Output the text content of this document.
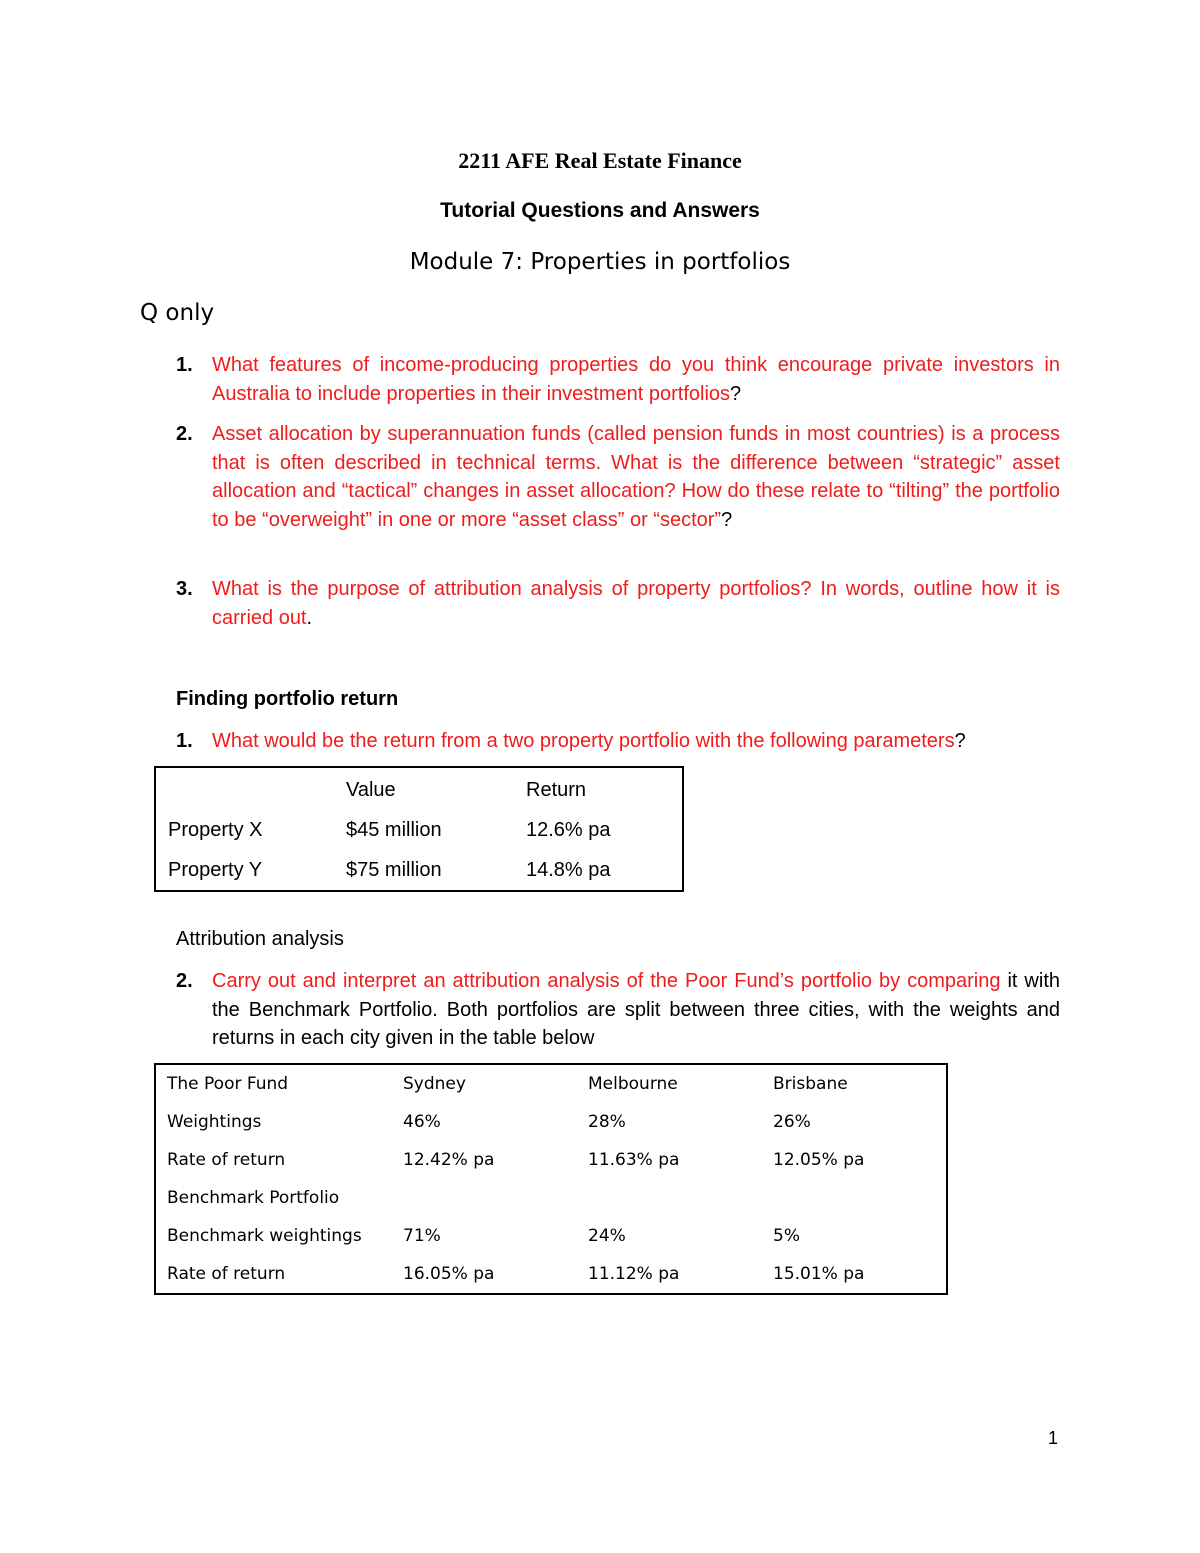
2211 AFE Real Estate Finance
Tutorial Questions and Answers
Module 7: Properties in portfolios
Q only
1. What features of income-producing properties do you think encourage private investors in Australia to include properties in their investment portfolios?
2. Asset allocation by superannuation funds (called pension funds in most countries) is a process that is often described in technical terms. What is the difference between “strategic” asset allocation and “tactical” changes in asset allocation? How do these relate to “tilting” the portfolio to be “overweight” in one or more “asset class” or “sector”?
3. What is the purpose of attribution analysis of property portfolios? In words, outline how it is carried out.
Finding portfolio return
1. What would be the return from a two property portfolio with the following parameters?
	Value	Return
Property X	$45 million	12.6% pa
Property Y	$75 million	14.8% pa
Attribution analysis
2. Carry out and interpret an attribution analysis of the Poor Fund’s portfolio by comparing it with the Benchmark Portfolio. Both portfolios are split between three cities, with the weights and returns in each city given in the table below
The Poor Fund	Sydney	Melbourne	Brisbane
Weightings	46%	28%	26%
Rate of return	12.42% pa	11.63% pa	12.05% pa
Benchmark Portfolio			
Benchmark weightings	71%	24%	5%
Rate of return	16.05% pa	11.12% pa	15.01% pa
1
